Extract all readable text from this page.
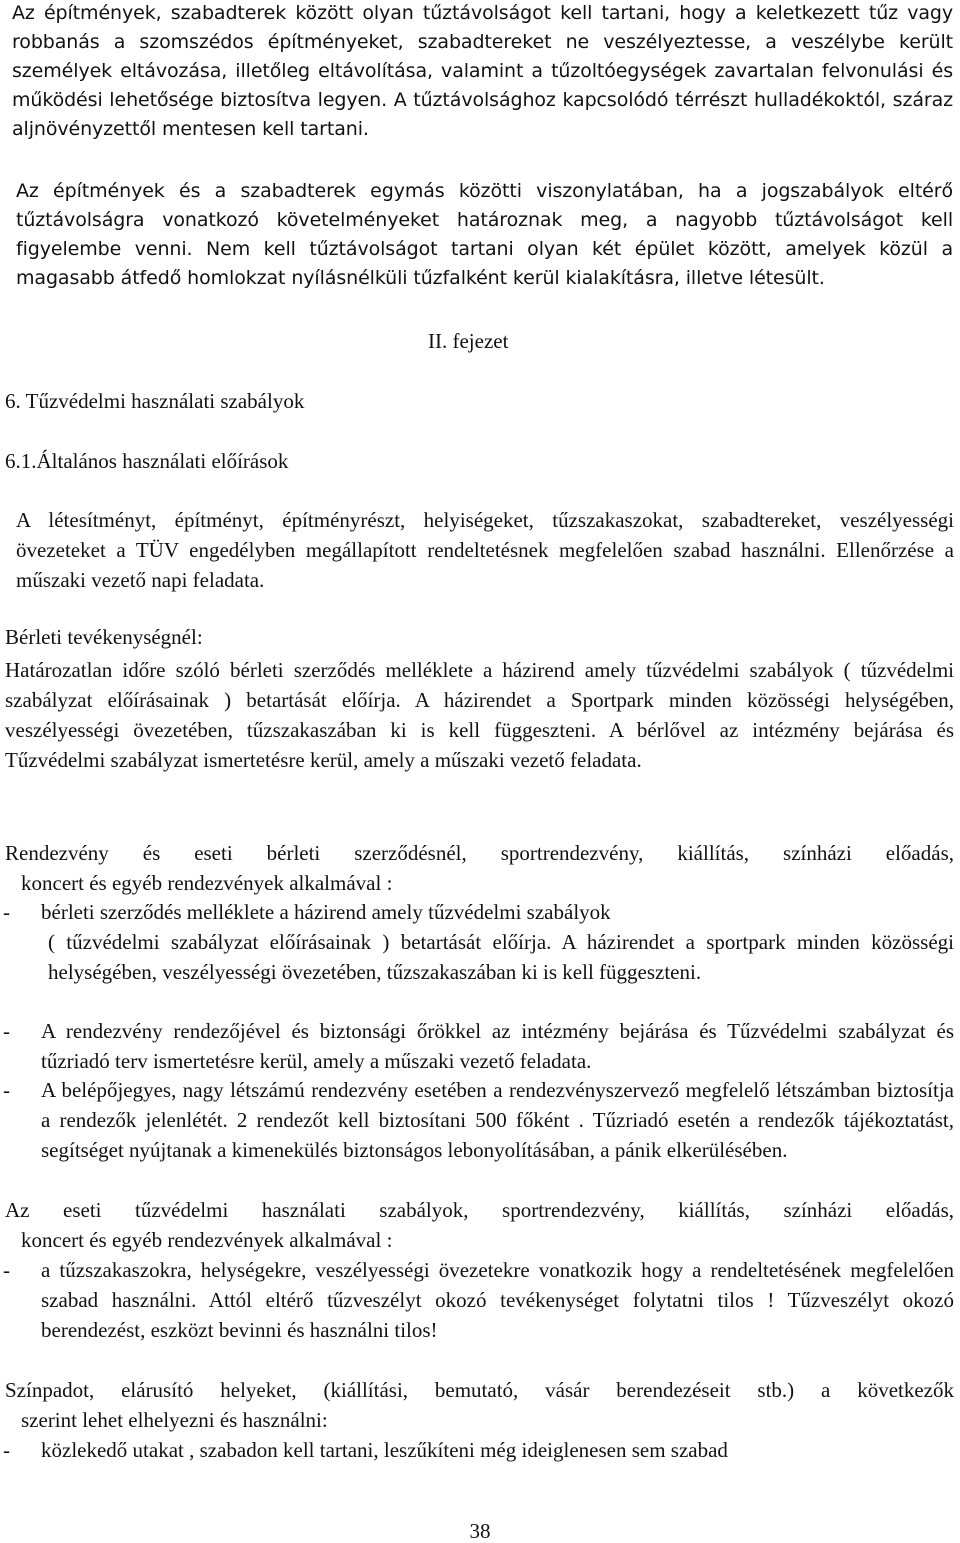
Az építmények, szabadterek között olyan tűztávolságot kell tartani, hogy a keletkezett tűz vagy robbanás a szomszédos építményeket, szabadtereket ne veszélyeztesse, a veszélybe került személyek eltávozása, illetőleg eltávolítása, valamint a tűzoltóegységek zavartalan felvonulási és működési lehetősége biztosítva legyen. A tűztávolsághoz kapcsolódó térrészt hulladékoktól, száraz aljnövényzettől mentesen kell tartani.

Az építmények és a szabadterek egymás közötti viszonylatában, ha a jogszabályok eltérő tűztávolságra vonatkozó követelményeket határoznak meg, a nagyobb tűztávolságot kell figyelembe venni. Nem kell tűztávolságot tartani olyan két épület között, amelyek közül a magasabb átfedő homlokzat nyílásnélküli tűzfalként kerül kialakításra, illetve létesült.

II. fejezet

6. Tűzvédelmi használati szabályok

6.1.Általános használati előírások

A létesítményt, építményt, építményrészt, helyiségeket, tűzszakaszokat, szabadtereket, veszélyességi övezeteket a TÜV engedélyben megállapított rendeltetésnek megfelelően szabad használni. Ellenőrzése a műszaki vezető napi feladata.

Bérleti tevékenységnél:

Határozatlan időre szóló bérleti szerződés melléklete a házirend amely tűzvédelmi szabályok ( tűzvédelmi szabályzat előírásainak ) betartását előírja. A házirendet a Sportpark minden közösségi helységében, veszélyességi övezetében, tűzszakaszában ki is kell függeszteni. A bérlővel az intézmény bejárása és Tűzvédelmi szabályzat ismertetésre kerül, amely a műszaki vezető feladata.
Rendezvény és eseti bérleti szerződésnél, sportrendezvény, kiállítás, színházi előadás,
koncert és egyéb rendezvények alkalmával :
- bérleti szerződés melléklete a házirend amely tűzvédelmi szabályok
( tűzvédelmi szabályzat előírásainak ) betartását előírja. A házirendet a sportpark minden közösségi helységében, veszélyességi övezetében, tűzszakaszában ki is kell függeszteni.
- A rendezvény rendezőjével és biztonsági őrökkel az intézmény bejárása és Tűzvédelmi szabályzat és tűzriadó terv ismertetésre kerül, amely a műszaki vezető feladata.
- A belépőjegyes, nagy létszámú rendezvény esetében a rendezvényszervező megfelelő létszámban biztosítja a rendezők jelenlétét. 2 rendezőt kell biztosítani 500 főként . Tűzriadó esetén a rendezők tájékoztatást, segítséget nyújtanak a kimenekülés biztonságos lebonyolításában, a pánik elkerülésében.
Az eseti tűzvédelmi használati szabályok, sportrendezvény, kiállítás, színházi előadás,
koncert és egyéb rendezvények alkalmával :
- a tűzszakaszokra, helységekre, veszélyességi övezetekre vonatkozik hogy a rendeltetésének megfelelően szabad használni. Attól eltérő tűzveszélyt okozó tevékenységet folytatni tilos ! Tűzveszélyt okozó berendezést, eszközt bevinni és használni tilos!
Színpadot, elárusító helyeket, (kiállítási, bemutató, vásár berendezéseit stb.) a következők
szerint lehet elhelyezni és használni:
- közlekedő utakat , szabadon kell tartani, leszűkíteni még ideiglenesen sem szabad
38
